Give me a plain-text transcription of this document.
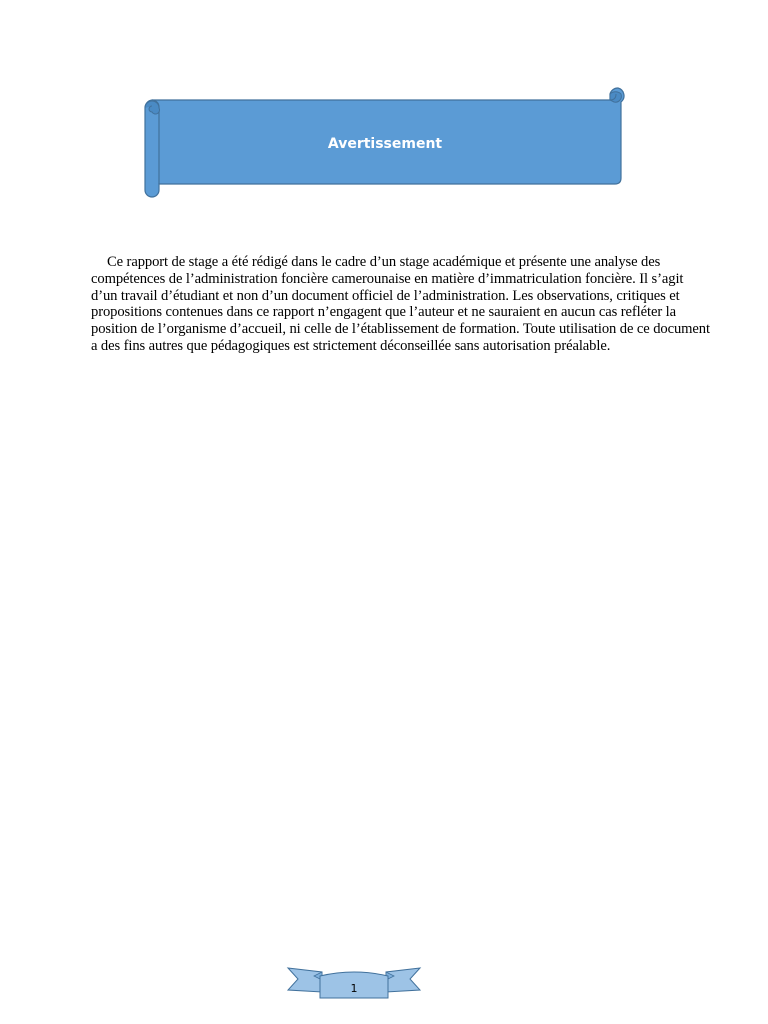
Avertissement

Ce rapport de stage a été rédigé dans le cadre d’un stage académique et présente une analyse des compétences de l’administration foncière camerounaise en matière d’immatriculation foncière. Il s’agit d’un travail d’étudiant et non d’un document officiel de l’administration. Les observations, critiques et propositions contenues dans ce rapport n’engagent que l’auteur et ne sauraient en aucun cas refléter la position de l’organisme d’accueil, ni celle de l’établissement de formation. Toute utilisation de ce document a des fins autres que pédagogiques est strictement déconseillée sans autorisation préalable.

1
